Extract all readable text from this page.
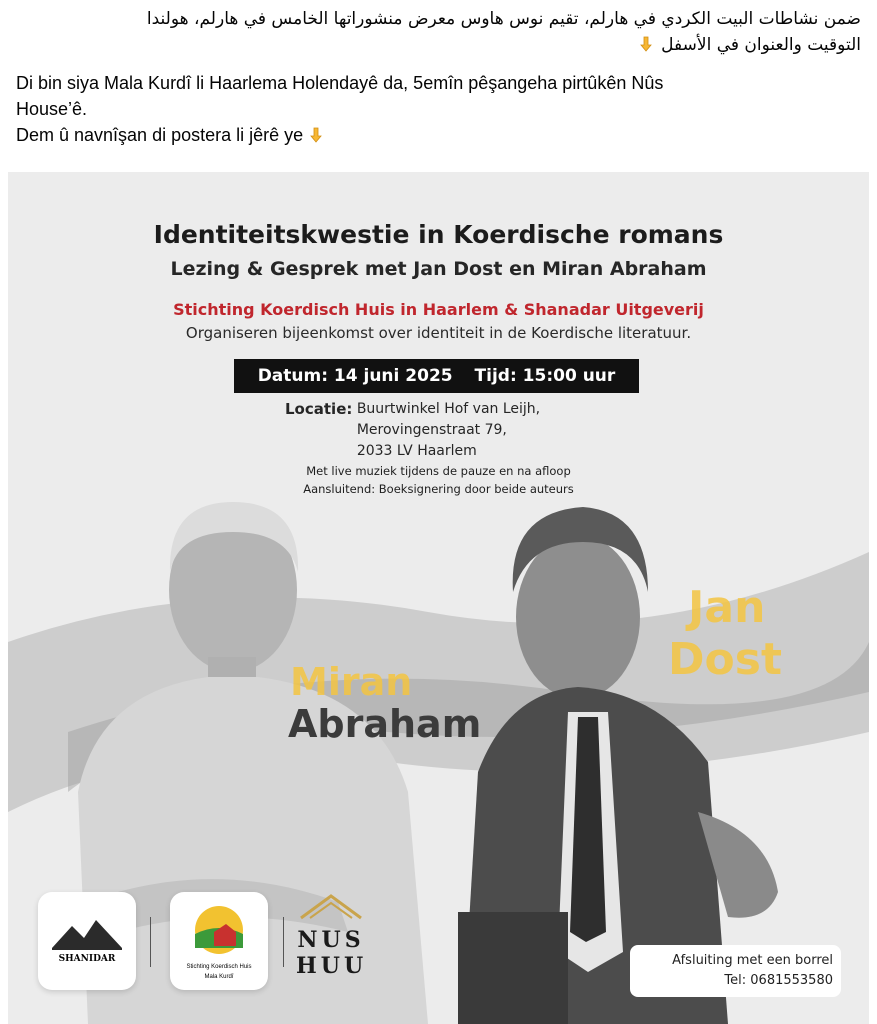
ضمن نشاطات البيت الكردي في هارلم، تقيم نوس هاوس معرض منشوراتها الخامس في هارلم، هولندا
التوقيت والعنوان في الأسفل
Di bin siya Mala Kurdî li Haarlema Holendayê da, 5emîn pêşangeha pirtûkên Nûs
House’ê.
Dem û navnîşan di postera li jêrê ye
Identiteitskwestie in Koerdische romans
Lezing & Gesprek met Jan Dost en Miran Abraham
Stichting Koerdisch Huis in Haarlem & Shanadar Uitgeverij
Organiseren bijeenkomst over identiteit in de Koerdische literatuur.
Datum: 14 juni 2025 Tijd: 15:00 uur
Locatie: Buurtwinkel Hof van Leijh,
Merovingenstraat 79,
2033 LV Haarlem
Met live muziek tijdens de pauze en na afloop
Aansluitend: Boeksignering door beide auteurs
Miran
Abraham
Jan
Dost
SHANIDAR
Stichting Koerdisch Huis
Mala Kurdî
NUS
HUU	Afsluiting met een borrel
Tel: 0681553580
